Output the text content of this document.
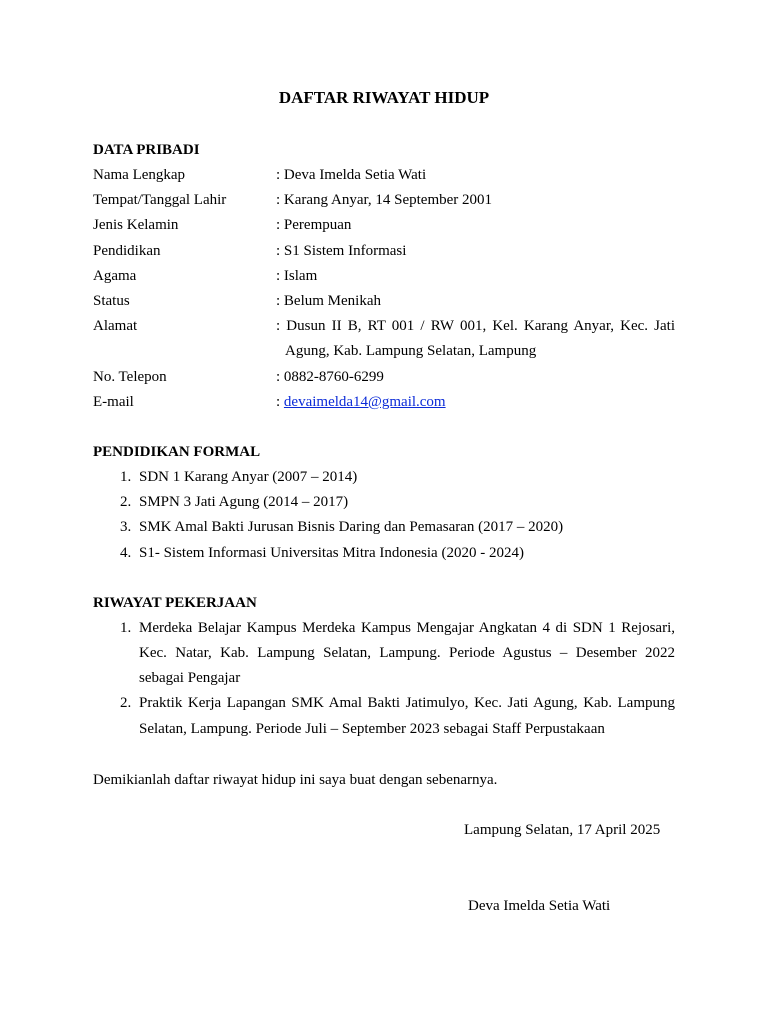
DAFTAR RIWAYAT HIDUP
DATA PRIBADI
Nama Lengkap	: Deva Imelda Setia Wati
Tempat/Tanggal Lahir	: Karang Anyar, 14 September 2001
Jenis Kelamin	: Perempuan
Pendidikan	: S1 Sistem Informasi
Agama	: Islam
Status	: Belum Menikah
Alamat	: Dusun II B, RT 001 / RW 001, Kel. Karang Anyar, Kec. Jati
Agung, Kab. Lampung Selatan, Lampung
No. Telepon	: 0882-8760-6299
E-mail	: devaimelda14@gmail.com
PENDIDIKAN FORMAL
1. SDN 1 Karang Anyar (2007 – 2014)
2. SMPN 3 Jati Agung (2014 – 2017)
3. SMK Amal Bakti Jurusan Bisnis Daring dan Pemasaran (2017 – 2020)
4. S1- Sistem Informasi Universitas Mitra Indonesia (2020 - 2024)
RIWAYAT PEKERJAAN
1. Merdeka Belajar Kampus Merdeka Kampus Mengajar Angkatan 4 di SDN 1 Rejosari, Kec. Natar, Kab. Lampung Selatan, Lampung. Periode Agustus – Desember 2022 sebagai Pengajar
2. Praktik Kerja Lapangan SMK Amal Bakti Jatimulyo, Kec. Jati Agung, Kab. Lampung Selatan, Lampung. Periode Juli – September 2023 sebagai Staff Perpustakaan
Demikianlah daftar riwayat hidup ini saya buat dengan sebenarnya.
Lampung Selatan, 17 April 2025
Deva Imelda Setia Wati
